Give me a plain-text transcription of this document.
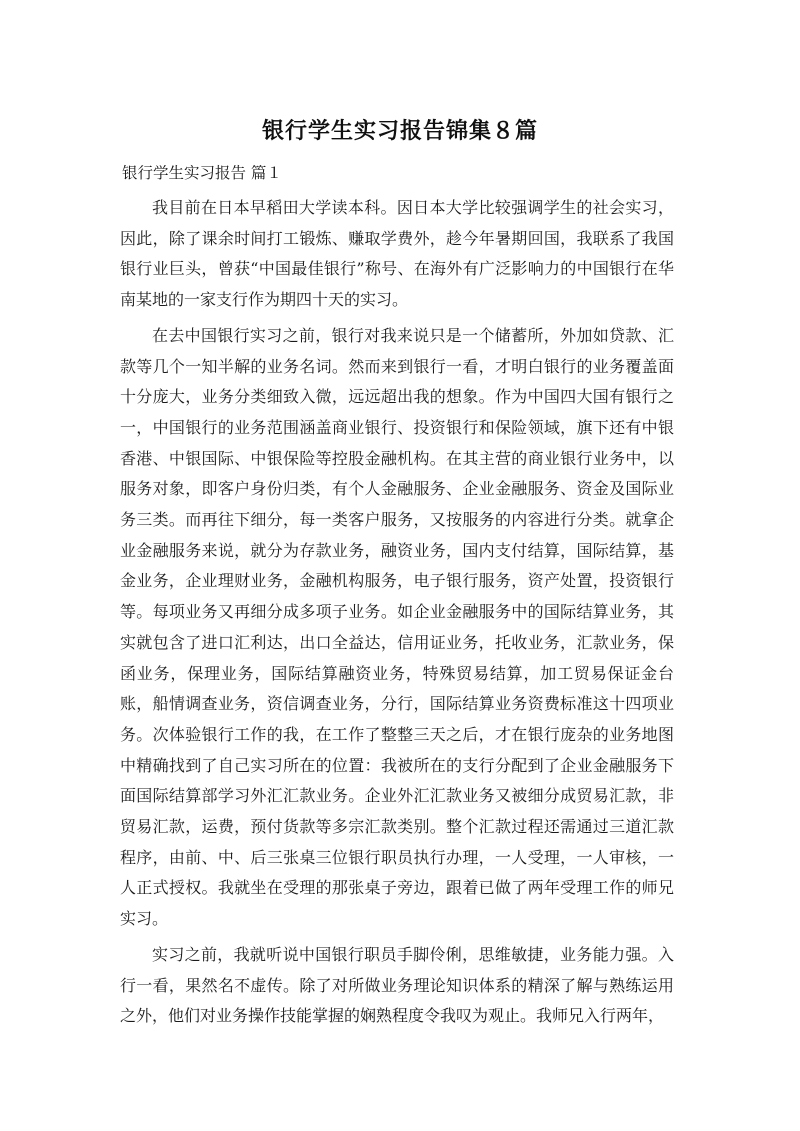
银行学生实习报告锦集８篇
银行学生实习报告 篇１

我目前在日本早稻田大学读本科。因日本大学比较强调学生的社会实习，因此，除了课余时间打工锻炼、赚取学费外，趁今年暑期回国，我联系了我国银行业巨头，曾获“中国最佳银行”称号、在海外有广泛影响力的中国银行在华南某地的一家支行作为期四十天的实习。

在去中国银行实习之前，银行对我来说只是一个储蓄所，外加如贷款、汇款等几个一知半解的业务名词。然而来到银行一看，才明白银行的业务覆盖面十分庞大，业务分类细致入微，远远超出我的想象。作为中国四大国有银行之一，中国银行的业务范围涵盖商业银行、投资银行和保险领域，旗下还有中银香港、中银国际、中银保险等控股金融机构。在其主营的商业银行业务中，以服务对象，即客户身份归类，有个人金融服务、企业金融服务、资金及国际业务三类。而再往下细分，每一类客户服务，又按服务的内容进行分类。就拿企业金融服务来说，就分为存款业务，融资业务，国内支付结算，国际结算，基金业务，企业理财业务，金融机构服务，电子银行服务，资产处置，投资银行等。每项业务又再细分成多项子业务。如企业金融服务中的国际结算业务，其实就包含了进口汇利达，出口全益达，信用证业务，托收业务，汇款业务，保函业务，保理业务，国际结算融资业务，特殊贸易结算，加工贸易保证金台账，船情调查业务，资信调查业务，分行，国际结算业务资费标准这十四项业务。次体验银行工作的我，在工作了整整三天之后，才在银行庞杂的业务地图中精确找到了自己实习所在的位置：我被所在的支行分配到了企业金融服务下面国际结算部学习外汇汇款业务。企业外汇汇款业务又被细分成贸易汇款，非贸易汇款，运费，预付货款等多宗汇款类别。整个汇款过程还需通过三道汇款程序，由前、中、后三张桌三位银行职员执行办理，一人受理，一人审核，一人正式授权。我就坐在受理的那张桌子旁边，跟着已做了两年受理工作的师兄实习。

实习之前，我就听说中国银行职员手脚伶俐，思维敏捷，业务能力强。入行一看，果然名不虚传。除了对所做业务理论知识体系的精深了解与熟练运用之外，他们对业务操作技能掌握的娴熟程度令我叹为观止。我师兄入行两年，
